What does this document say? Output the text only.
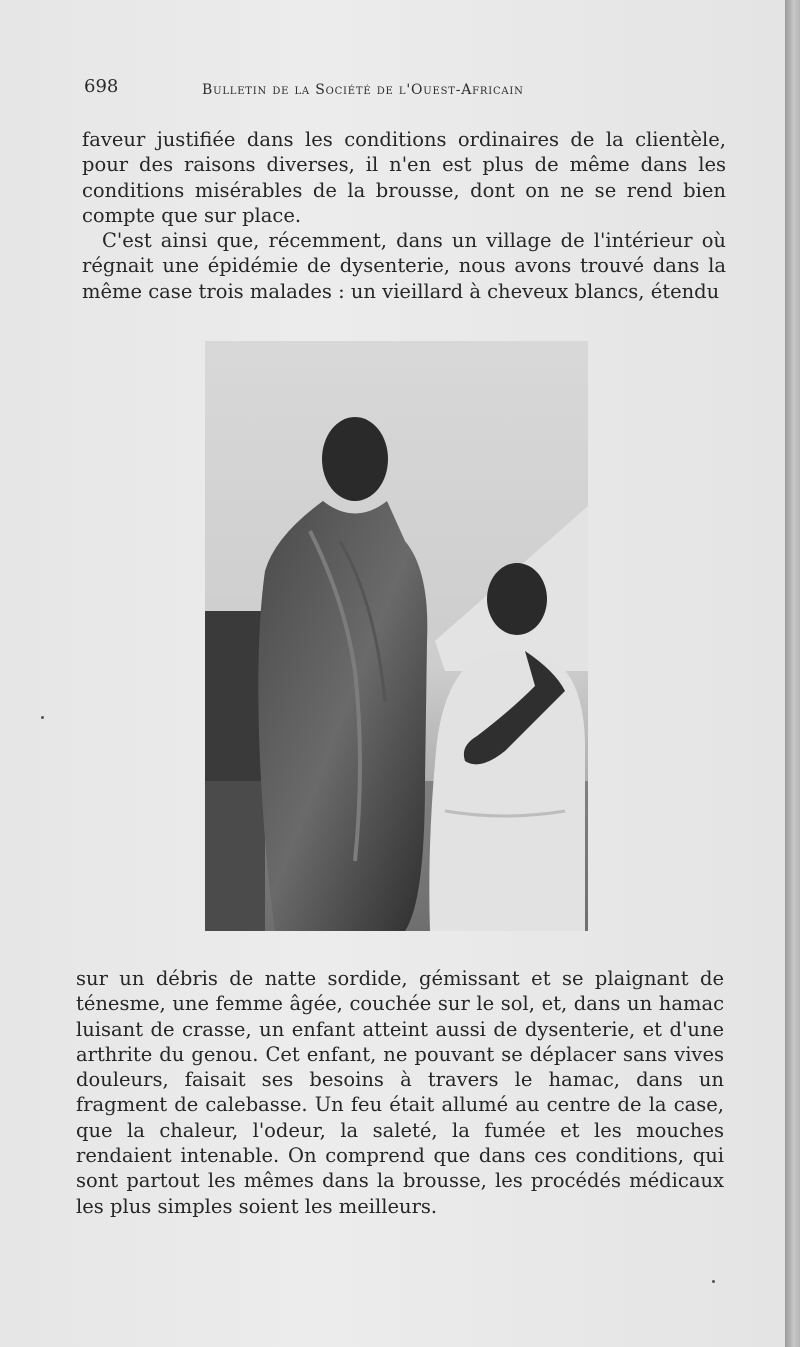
698	Bulletin de la Société de l'Ouest-Africain

faveur justifiée dans les conditions ordinaires de la clientèle, pour des raisons diverses, il n'en est plus de même dans les conditions misérables de la brousse, dont on ne se rend bien compte que sur place.

C'est ainsi que, récemment, dans un village de l'intérieur où régnait une épidémie de dysenterie, nous avons trouvé dans la même case trois malades : un vieillard à cheveux blancs, étendu

sur un débris de natte sordide, gémissant et se plaignant de ténesme, une femme âgée, couchée sur le sol, et, dans un hamac luisant de crasse, un enfant atteint aussi de dysenterie, et d'une arthrite du genou. Cet enfant, ne pouvant se déplacer sans vives douleurs, faisait ses besoins à travers le hamac, dans un fragment de calebasse. Un feu était allumé au centre de la case, que la chaleur, l'odeur, la saleté, la fumée et les mouches rendaient intenable. On comprend que dans ces conditions, qui sont partout les mêmes dans la brousse, les procédés médicaux les plus simples soient les meilleurs.
